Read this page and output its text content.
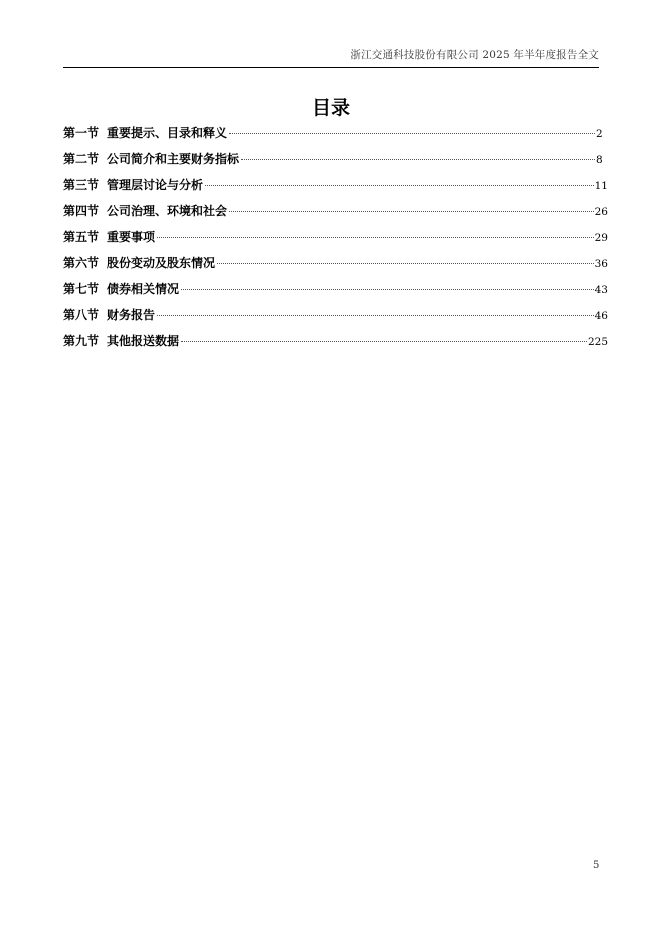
浙江交通科技股份有限公司 2025 年半年度报告全文
目录
第一节 重要提示、目录和释义	2
第二节 公司简介和主要财务指标	8
第三节 管理层讨论与分析	11
第四节 公司治理、环境和社会	26
第五节 重要事项	29
第六节 股份变动及股东情况	36
第七节 债券相关情况	43
第八节 财务报告	46
第九节 其他报送数据	225
5
